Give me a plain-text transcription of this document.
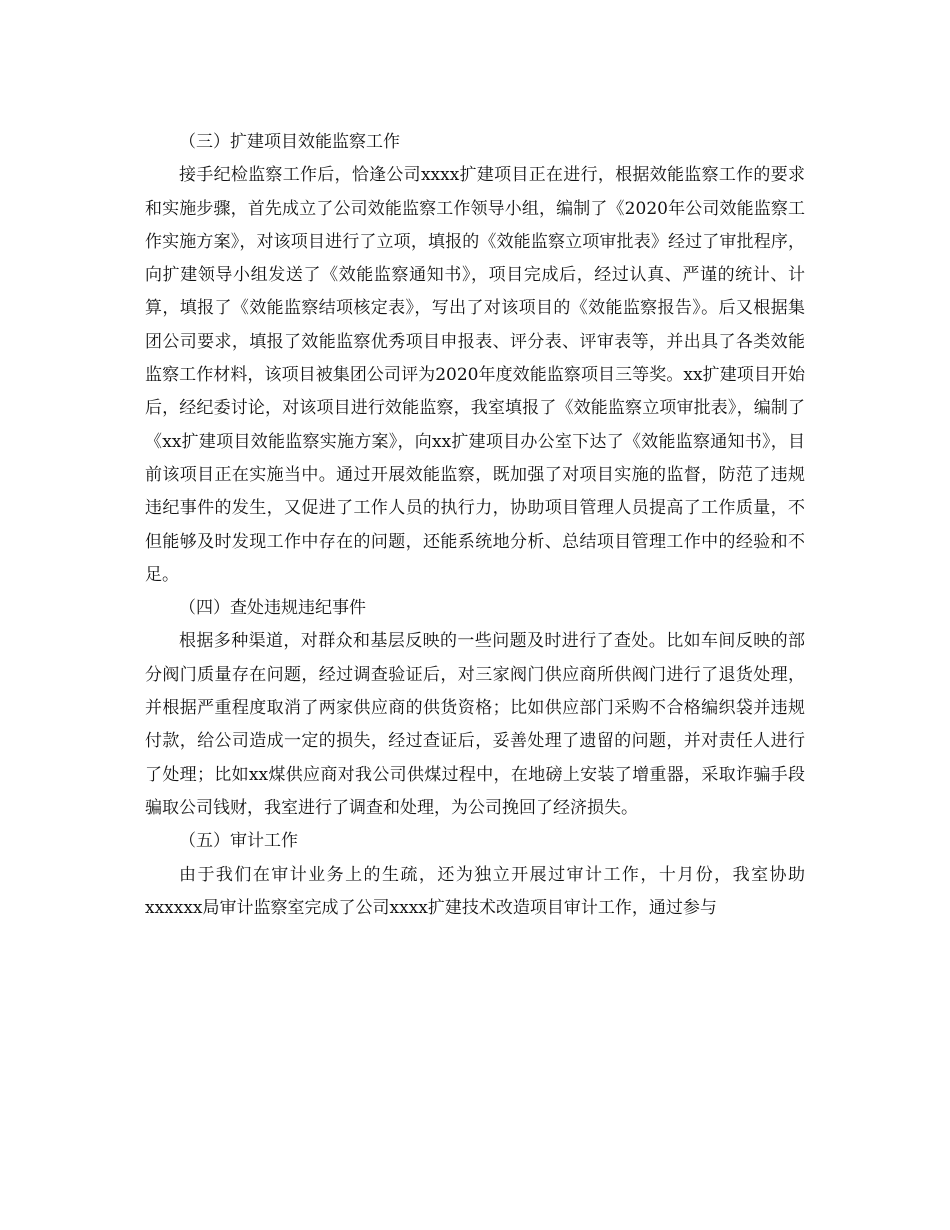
（三）扩建项目效能监察工作

接手纪检监察工作后，恰逢公司xxxx扩建项目正在进行，根据效能监察工作的要求和实施步骤，首先成立了公司效能监察工作领导小组，编制了《2020年公司效能监察工作实施方案》，对该项目进行了立项，填报的《效能监察立项审批表》经过了审批程序，向扩建领导小组发送了《效能监察通知书》，项目完成后，经过认真、严谨的统计、计算，填报了《效能监察结项核定表》，写出了对该项目的《效能监察报告》。后又根据集团公司要求，填报了效能监察优秀项目申报表、评分表、评审表等，并出具了各类效能监察工作材料，该项目被集团公司评为2020年度效能监察项目三等奖。xx扩建项目开始后，经纪委讨论，对该项目进行效能监察，我室填报了《效能监察立项审批表》，编制了《xx扩建项目效能监察实施方案》，向xx扩建项目办公室下达了《效能监察通知书》，目前该项目正在实施当中。通过开展效能监察，既加强了对项目实施的监督，防范了违规违纪事件的发生，又促进了工作人员的执行力，协助项目管理人员提高了工作质量，不但能够及时发现工作中存在的问题，还能系统地分析、总结项目管理工作中的经验和不足。

（四）查处违规违纪事件

根据多种渠道，对群众和基层反映的一些问题及时进行了查处。比如车间反映的部分阀门质量存在问题，经过调查验证后，对三家阀门供应商所供阀门进行了退货处理，并根据严重程度取消了两家供应商的供货资格；比如供应部门采购不合格编织袋并违规付款，给公司造成一定的损失，经过查证后，妥善处理了遗留的问题，并对责任人进行了处理；比如xx煤供应商对我公司供煤过程中，在地磅上安装了增重器，采取诈骗手段骗取公司钱财，我室进行了调查和处理，为公司挽回了经济损失。

（五）审计工作

由于我们在审计业务上的生疏，还为独立开展过审计工作，十月份，我室协助xxxxxx局审计监察室完成了公司xxxx扩建技术改造项目审计工作，通过参与
